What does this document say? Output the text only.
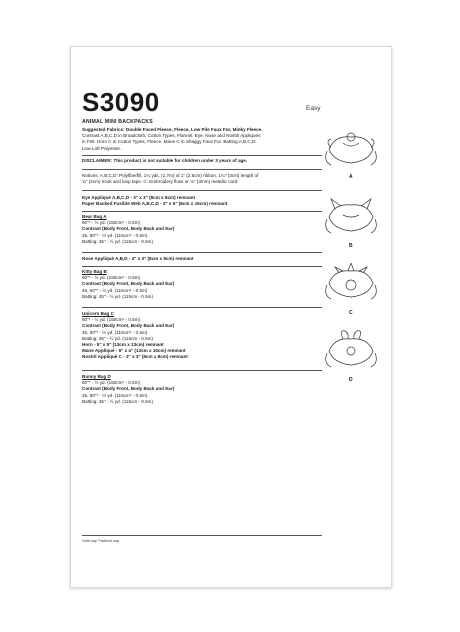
S3090	Easy
ANIMAL MINI BACKPACKS
Suggested Fabrics: Double Faced Fleece, Fleece, Low Pile Faux Fur, Minky Fleece.
Contrast A,B,C,D in Broadcloth, Cotton Types, Flannel. Eye, Nose and Nostril Appliqués
in Felt. Horn C in Cotton Types, Fleece. Mane C in Shaggy Faux Fur. Batting A,B,C,D:
Low-Loft Polyester.
DISCLAIMER: This product is not suitable for children under 3 years of age.
Notions: A,B,C,D: Polyfiberfill, 1¼ yds. (1.7m) of 1" (2.5cm) ribbon, 1¼" (3cm) length of
¾" (2cm) hook and loop tape. C: Embroidery floss or ⅛" (3mm) metallic cord.
Eye Appliqué A,B,C,D - 3" x 3" (8cm x 8cm) remnant
Paper Backed Fusible Web A,B,C,D - 3" x 6" (8cm x 15cm) remnant
Bear Bag A
60"* - ½ yd. (150cm* - 0.5m)
Contrast (Body Front, Body Back and Ear)
45, 60"* - ½ yd. (115cm* - 0.5m)
Batting: 45" - ½ yd. (115cm - 0.5m)
Nose Appliqué A,B,D - 3" x 3" (8cm x 8cm) remnant
Kitty Bag B
60"* - ½ yd. (150cm* - 0.5m)
Contrast (Body Front, Body Back and Ear)
45, 60"* - ½ yd. (115cm* - 0.5m)
Batting: 45" - ½ yd. (115cm - 0.5m)
Unicorn Bag C
60"* - ½ yd. (150cm* - 0.5m)
Contrast (Body Front, Body Back and Ear)
45, 60"* - ½ yd. (115cm* - 0.5m)
Batting: 45" - ½ yd. (115cm - 0.5m)
Horn - 5" x 5" (13cm x 13cm) remnant
Mane Appliqué - 5" x 4" (13cm x 10cm) remnant
Nostril Appliqué C - 3" x 3" (8cm x 8cm) remnant
Bunny Bag D
60"* - ½ yd. (150cm* - 0.5m)
Contrast (Body Front, Body Back and Ear)
45, 60"* - ½ yd. (115cm* - 0.5m)
Batting: 45" - ½ yd. (115cm - 0.5m)
*with nap **without nap
A
B
C
D
